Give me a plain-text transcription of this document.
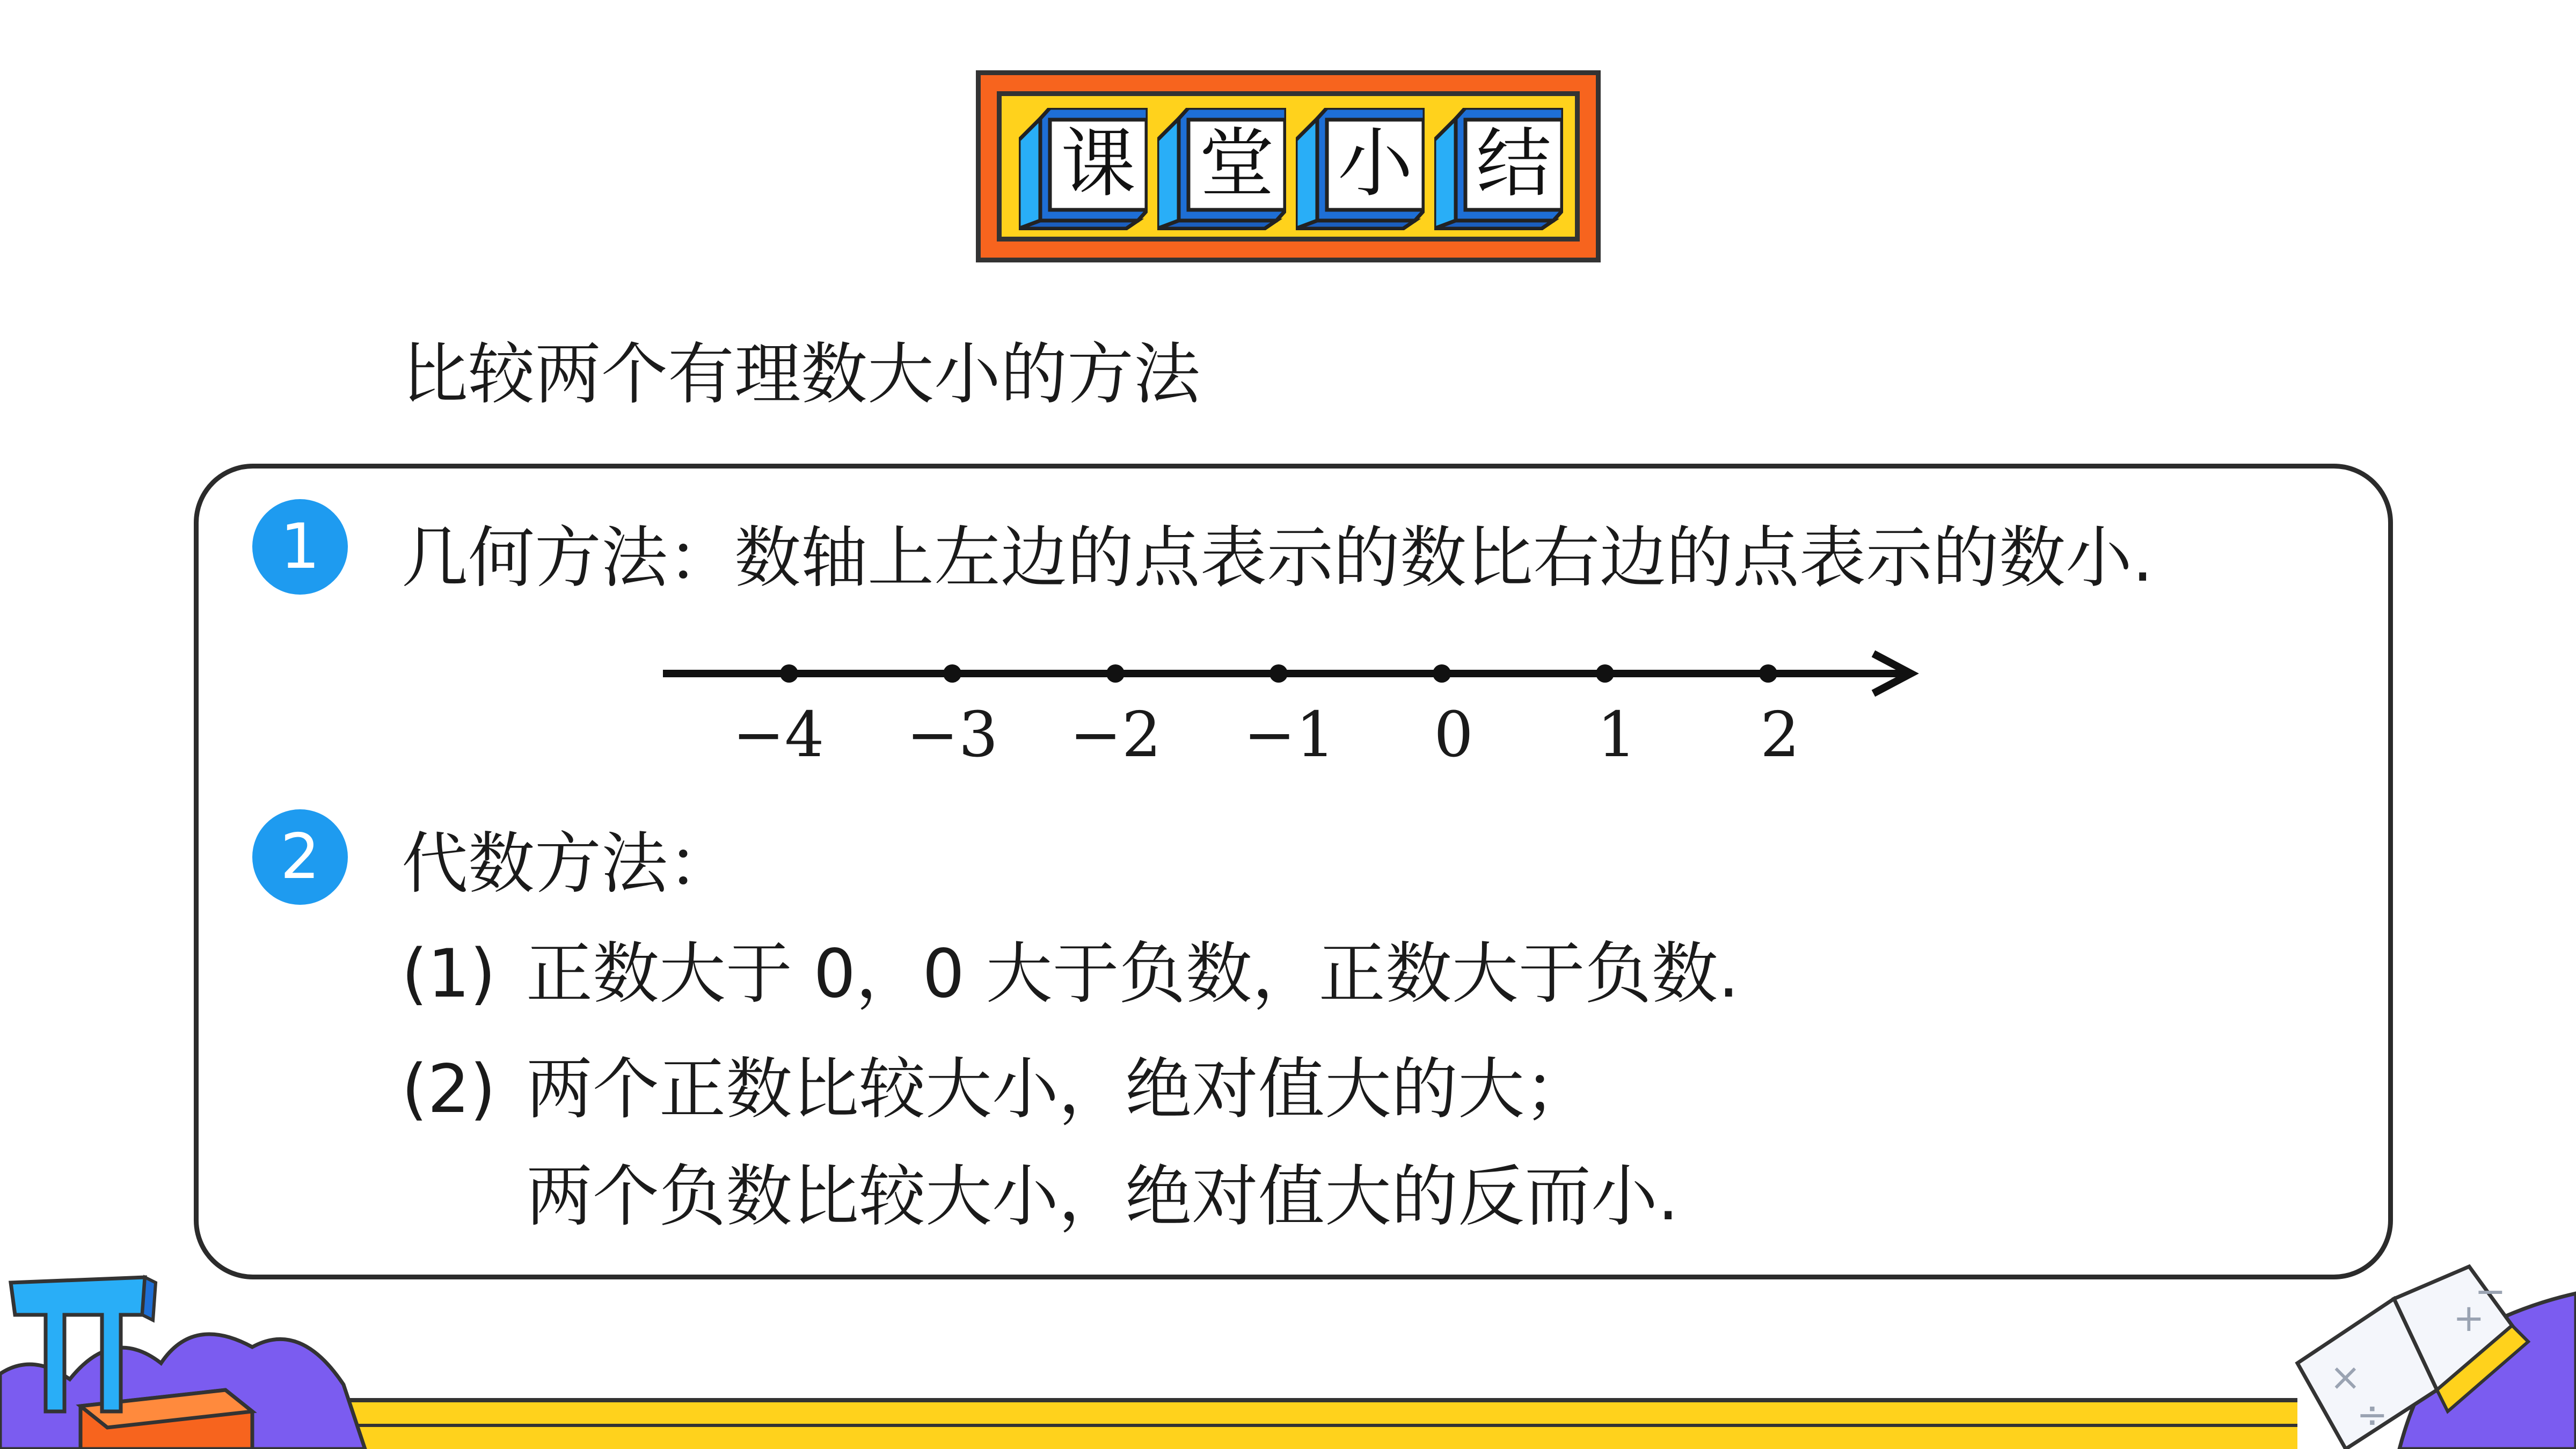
课 堂 小 结
比较两个有理数大小的方法
1	几何方法：数轴上左边的点表示的数比右边的点表示的数小.
−4 −3 −2 −1	0	1	2
2	代数方法：
(1) 正数大于 0，0 大于负数，正数大于负数.
(2) 两个正数比较大小，绝对值大的大；
两个负数比较大小，绝对值大的反而小.
×
÷
+
−
